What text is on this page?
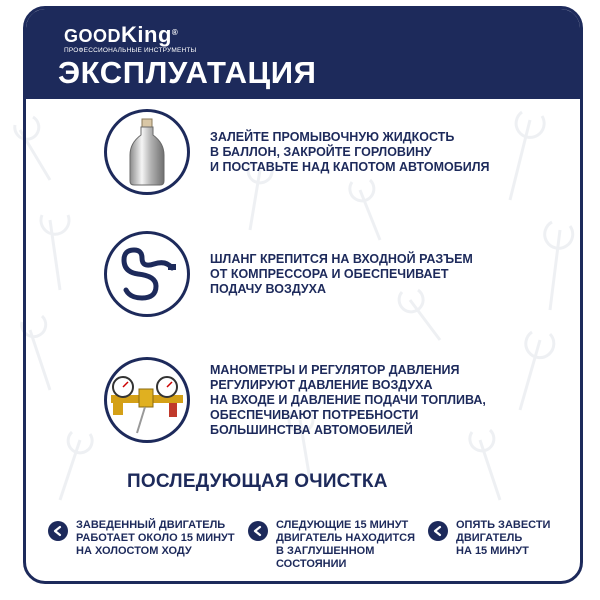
GOODKing®
ПРОФЕССИОНАЛЬНЫЕ ИНСТРУМЕНТЫ
ЭКСПЛУАТАЦИЯ
ЗАЛЕЙТЕ ПРОМЫВОЧНУЮ ЖИДКОСТЬ
В БАЛЛОН, ЗАКРОЙТЕ ГОРЛОВИНУ
И ПОСТАВЬТЕ НАД КАПОТОМ АВТОМОБИЛЯ
ШЛАНГ КРЕПИТСЯ НА ВХОДНОЙ РАЗЪЕМ
ОТ КОМПРЕССОРА И ОБЕСПЕЧИВАЕТ
ПОДАЧУ ВОЗДУХА
МАНОМЕТРЫ И РЕГУЛЯТОР ДАВЛЕНИЯ
РЕГУЛИРУЮТ ДАВЛЕНИЕ ВОЗДУХА
НА ВХОДЕ И ДАВЛЕНИЕ ПОДАЧИ ТОПЛИВА,
ОБЕСПЕЧИВАЮТ ПОТРЕБНОСТИ
БОЛЬШИНСТВА АВТОМОБИЛЕЙ
ПОСЛЕДУЮЩАЯ ОЧИСТКА
ЗАВЕДЕННЫЙ ДВИГАТЕЛЬ
РАБОТАЕТ ОКОЛО 15 МИНУТ
НА ХОЛОСТОМ ХОДУ
СЛЕДУЮЩИЕ 15 МИНУТ
ДВИГАТЕЛЬ НАХОДИТСЯ
В ЗАГЛУШЕННОМ
СОСТОЯНИИ
ОПЯТЬ ЗАВЕСТИ
ДВИГАТЕЛЬ
НА 15 МИНУТ
